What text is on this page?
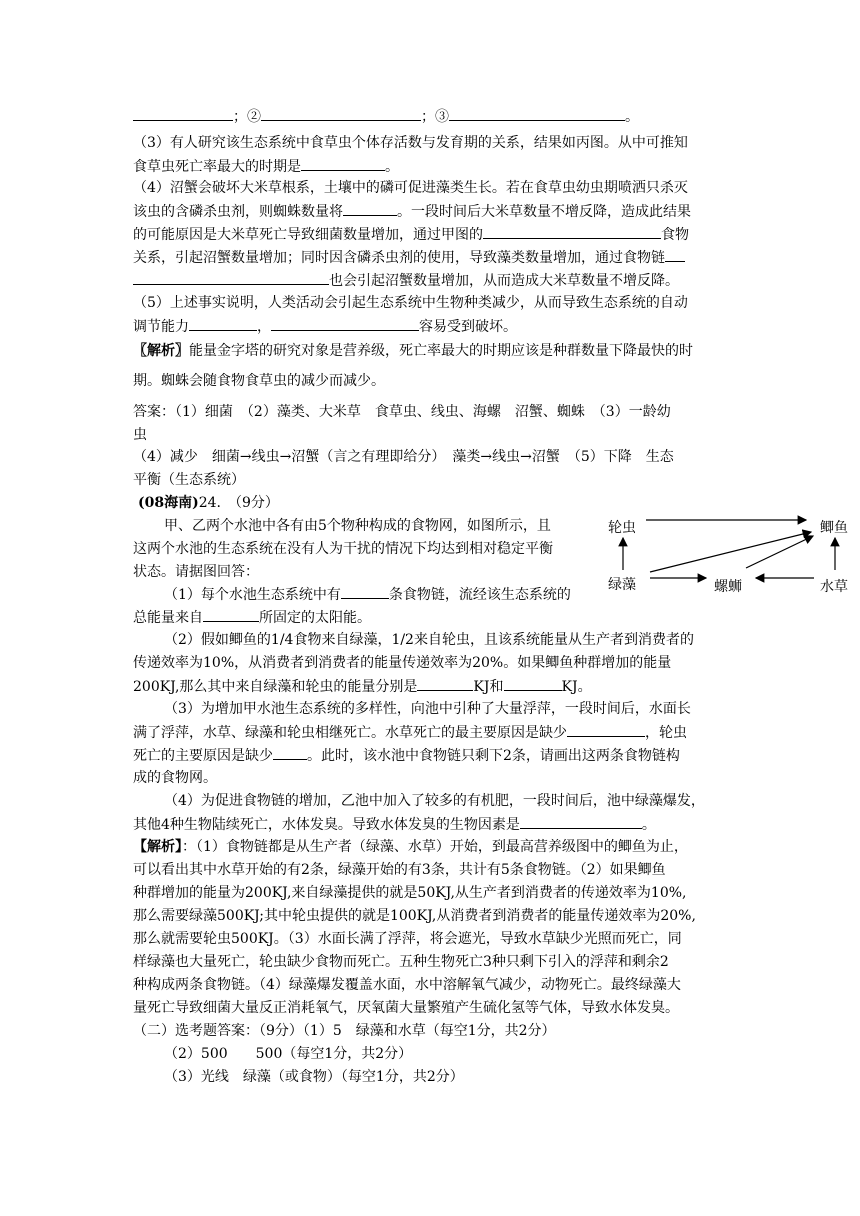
；②	；③	。
（3）有人研究该生态系统中食草虫个体存活数与发育期的关系，结果如丙图。从中可推知
食草虫死亡率最大的时期是	。
（4）沼蟹会破坏大米草根系，土壤中的磷可促进藻类生长。若在食草虫幼虫期喷洒只杀灭
该虫的含磷杀虫剂，则蜘蛛数量将	。一段时间后大米草数量不增反降，造成此结果
的可能原因是大米草死亡导致细菌数量增加，通过甲图的	食物
关系，引起沼蟹数量增加；同时因含磷杀虫剂的使用，导致藻类数量增加，通过食物链
也会引起沼蟹数量增加，从而造成大米草数量不增反降。
（5）上述事实说明，人类活动会引起生态系统中生物种类减少，从而导致生态系统的自动
调节能力	，	容易受到破坏。
〖解析〗能量金字塔的研究对象是营养级，死亡率最大的时期应该是种群数量下降最快的时
期。蜘蛛会随食物食草虫的减少而减少。
答案：（1）细菌　（2）藻类、大米草　食草虫、线虫、海螺　沼蟹、蜘蛛　（3）一龄幼
虫
（4）减少　细菌→线虫→沼蟹（言之有理即给分）　藻类→线虫→沼蟹　（5）下降　生态
平衡（生态系统）
(08海南)24.　（9分）
甲、乙两个水池中各有由5个物种构成的食物网，如图所示，且
这两个水池的生态系统在没有人为干扰的情况下均达到相对稳定平衡
状态。请据图回答：
轮虫	鲫鱼
绿藻	螺蛳	水草
（1）每个水池生态系统中有	条食物链，流经该生态系统的
总能量来自	所固定的太阳能。
（2）假如鲫鱼的1/4食物来自绿藻，1/2来自轮虫，且该系统能量从生产者到消费者的
传递效率为10%，从消费者到消费者的能量传递效率为20%。如果鲫鱼种群增加的能量
200KJ,那么其中来自绿藻和轮虫的能量分别是	KJ和	KJ。
（3）为增加甲水池生态系统的多样性，向池中引种了大量浮萍，一段时间后，水面长
满了浮萍，水草、绿藻和轮虫相继死亡。水草死亡的最主要原因是缺少	，轮虫
死亡的主要原因是缺少 。此时，该水池中食物链只剩下2条，请画出这两条食物链构
成的食物网。
（4）为促进食物链的增加，乙池中加入了较多的有机肥，一段时间后，池中绿藻爆发，
其他4种生物陆续死亡，水体发臭。导致水体发臭的生物因素是	。
【解析】：（1）食物链都是从生产者（绿藻、水草）开始，到最高营养级图中的鲫鱼为止，
可以看出其中水草开始的有2条，绿藻开始的有3条，共计有5条食物链。（2）如果鲫鱼
种群增加的能量为200KJ,来自绿藻提供的就是50KJ,从生产者到消费者的传递效率为10%,
那么需要绿藻500KJ;其中轮虫提供的就是100KJ,从消费者到消费者的能量传递效率为20%,
那么就需要轮虫500KJ。（3）水面长满了浮萍，将会遮光，导致水草缺少光照而死亡，同
样绿藻也大量死亡，轮虫缺少食物而死亡。五种生物死亡3种只剩下引入的浮萍和剩余2
种构成两条食物链。（4）绿藻爆发覆盖水面，水中溶解氧气减少，动物死亡。最终绿藻大
量死亡导致细菌大量反正消耗氧气，厌氧菌大量繁殖产生硫化氢等气体，导致水体发臭。
（二）选考题答案：（9分）（1）5　绿藻和水草（每空1分，共2分）
（2）500　　500（每空1分，共2分）
（3）光线　绿藻（或食物）（每空1分，共2分）
